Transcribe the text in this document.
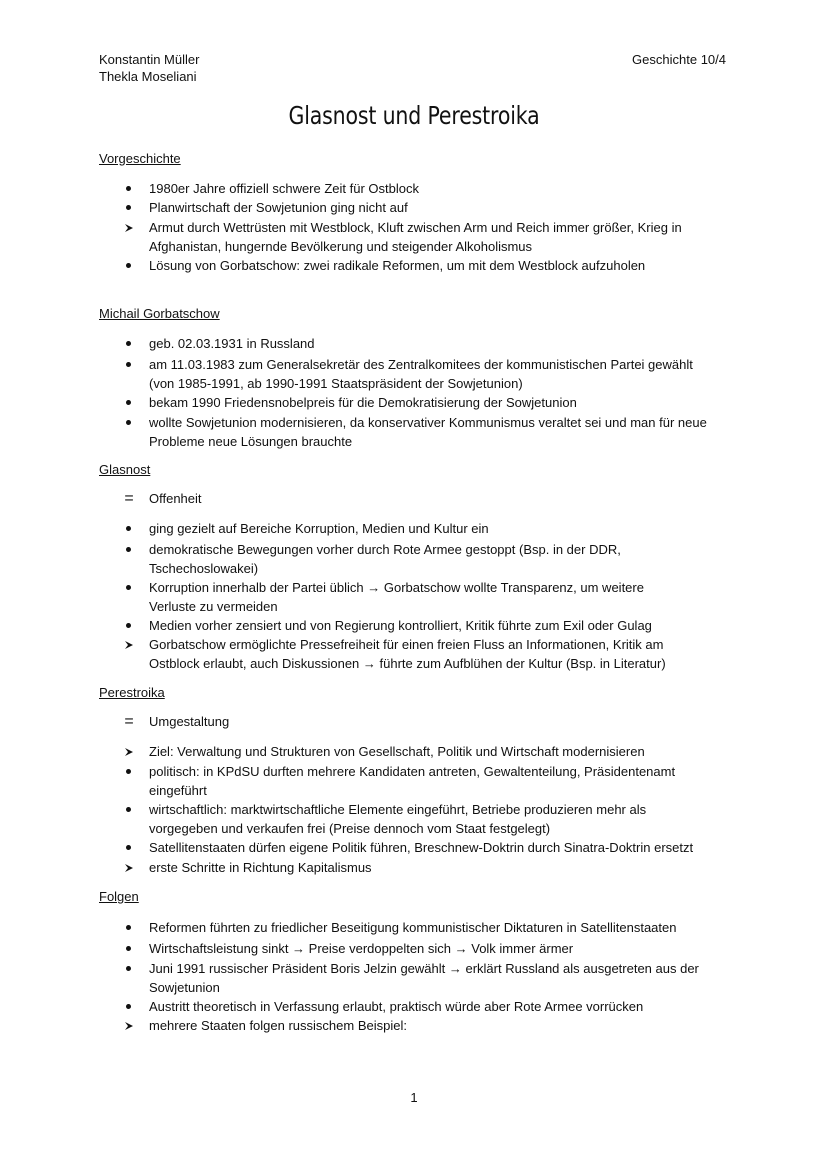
Konstantin Müller
Thekla Moseliani
Geschichte 10/4
Glasnost und Perestroika
Vorgeschichte
1980er Jahre offiziell schwere Zeit für Ostblock
Planwirtschaft der Sowjetunion ging nicht auf
Armut durch Wettrüsten mit Westblock, Kluft zwischen Arm und Reich immer größer, Krieg in
Afghanistan, hungernde Bevölkerung und steigender Alkoholismus
Lösung von Gorbatschow: zwei radikale Reformen, um mit dem Westblock aufzuholen
Michail Gorbatschow
geb. 02.03.1931 in Russland
am 11.03.1983 zum Generalsekretär des Zentralkomitees der kommunistischen Partei gewählt
(von 1985-1991, ab 1990-1991 Staatspräsident der Sowjetunion)
bekam 1990 Friedensnobelpreis für die Demokratisierung der Sowjetunion
wollte Sowjetunion modernisieren, da konservativer Kommunismus veraltet sei und man für neue
Probleme neue Lösungen brauchte
Glasnost
=	Offenheit
ging gezielt auf Bereiche Korruption, Medien und Kultur ein
demokratische Bewegungen vorher durch Rote Armee gestoppt (Bsp. in der DDR,
Tschechoslowakei)
Korruption innerhalb der Partei üblich → Gorbatschow wollte Transparenz, um weitere
Verluste zu vermeiden
Medien vorher zensiert und von Regierung kontrolliert, Kritik führte zum Exil oder Gulag
Gorbatschow ermöglichte Pressefreiheit für einen freien Fluss an Informationen, Kritik am
Ostblock erlaubt, auch Diskussionen → führte zum Aufblühen der Kultur (Bsp. in Literatur)
Perestroika
=	Umgestaltung
Ziel: Verwaltung und Strukturen von Gesellschaft, Politik und Wirtschaft modernisieren
politisch: in KPdSU durften mehrere Kandidaten antreten, Gewaltenteilung, Präsidentenamt
eingeführt
wirtschaftlich: marktwirtschaftliche Elemente eingeführt, Betriebe produzieren mehr als
vorgegeben und verkaufen frei (Preise dennoch vom Staat festgelegt)
Satellitenstaaten dürfen eigene Politik führen, Breschnew-Doktrin durch Sinatra-Doktrin ersetzt
erste Schritte in Richtung Kapitalismus
Folgen
Reformen führten zu friedlicher Beseitigung kommunistischer Diktaturen in Satellitenstaaten
Wirtschaftsleistung sinkt → Preise verdoppelten sich → Volk immer ärmer
Juni 1991 russischer Präsident Boris Jelzin gewählt → erklärt Russland als ausgetreten aus der
Sowjetunion
Austritt theoretisch in Verfassung erlaubt, praktisch würde aber Rote Armee vorrücken
mehrere Staaten folgen russischem Beispiel:
1
